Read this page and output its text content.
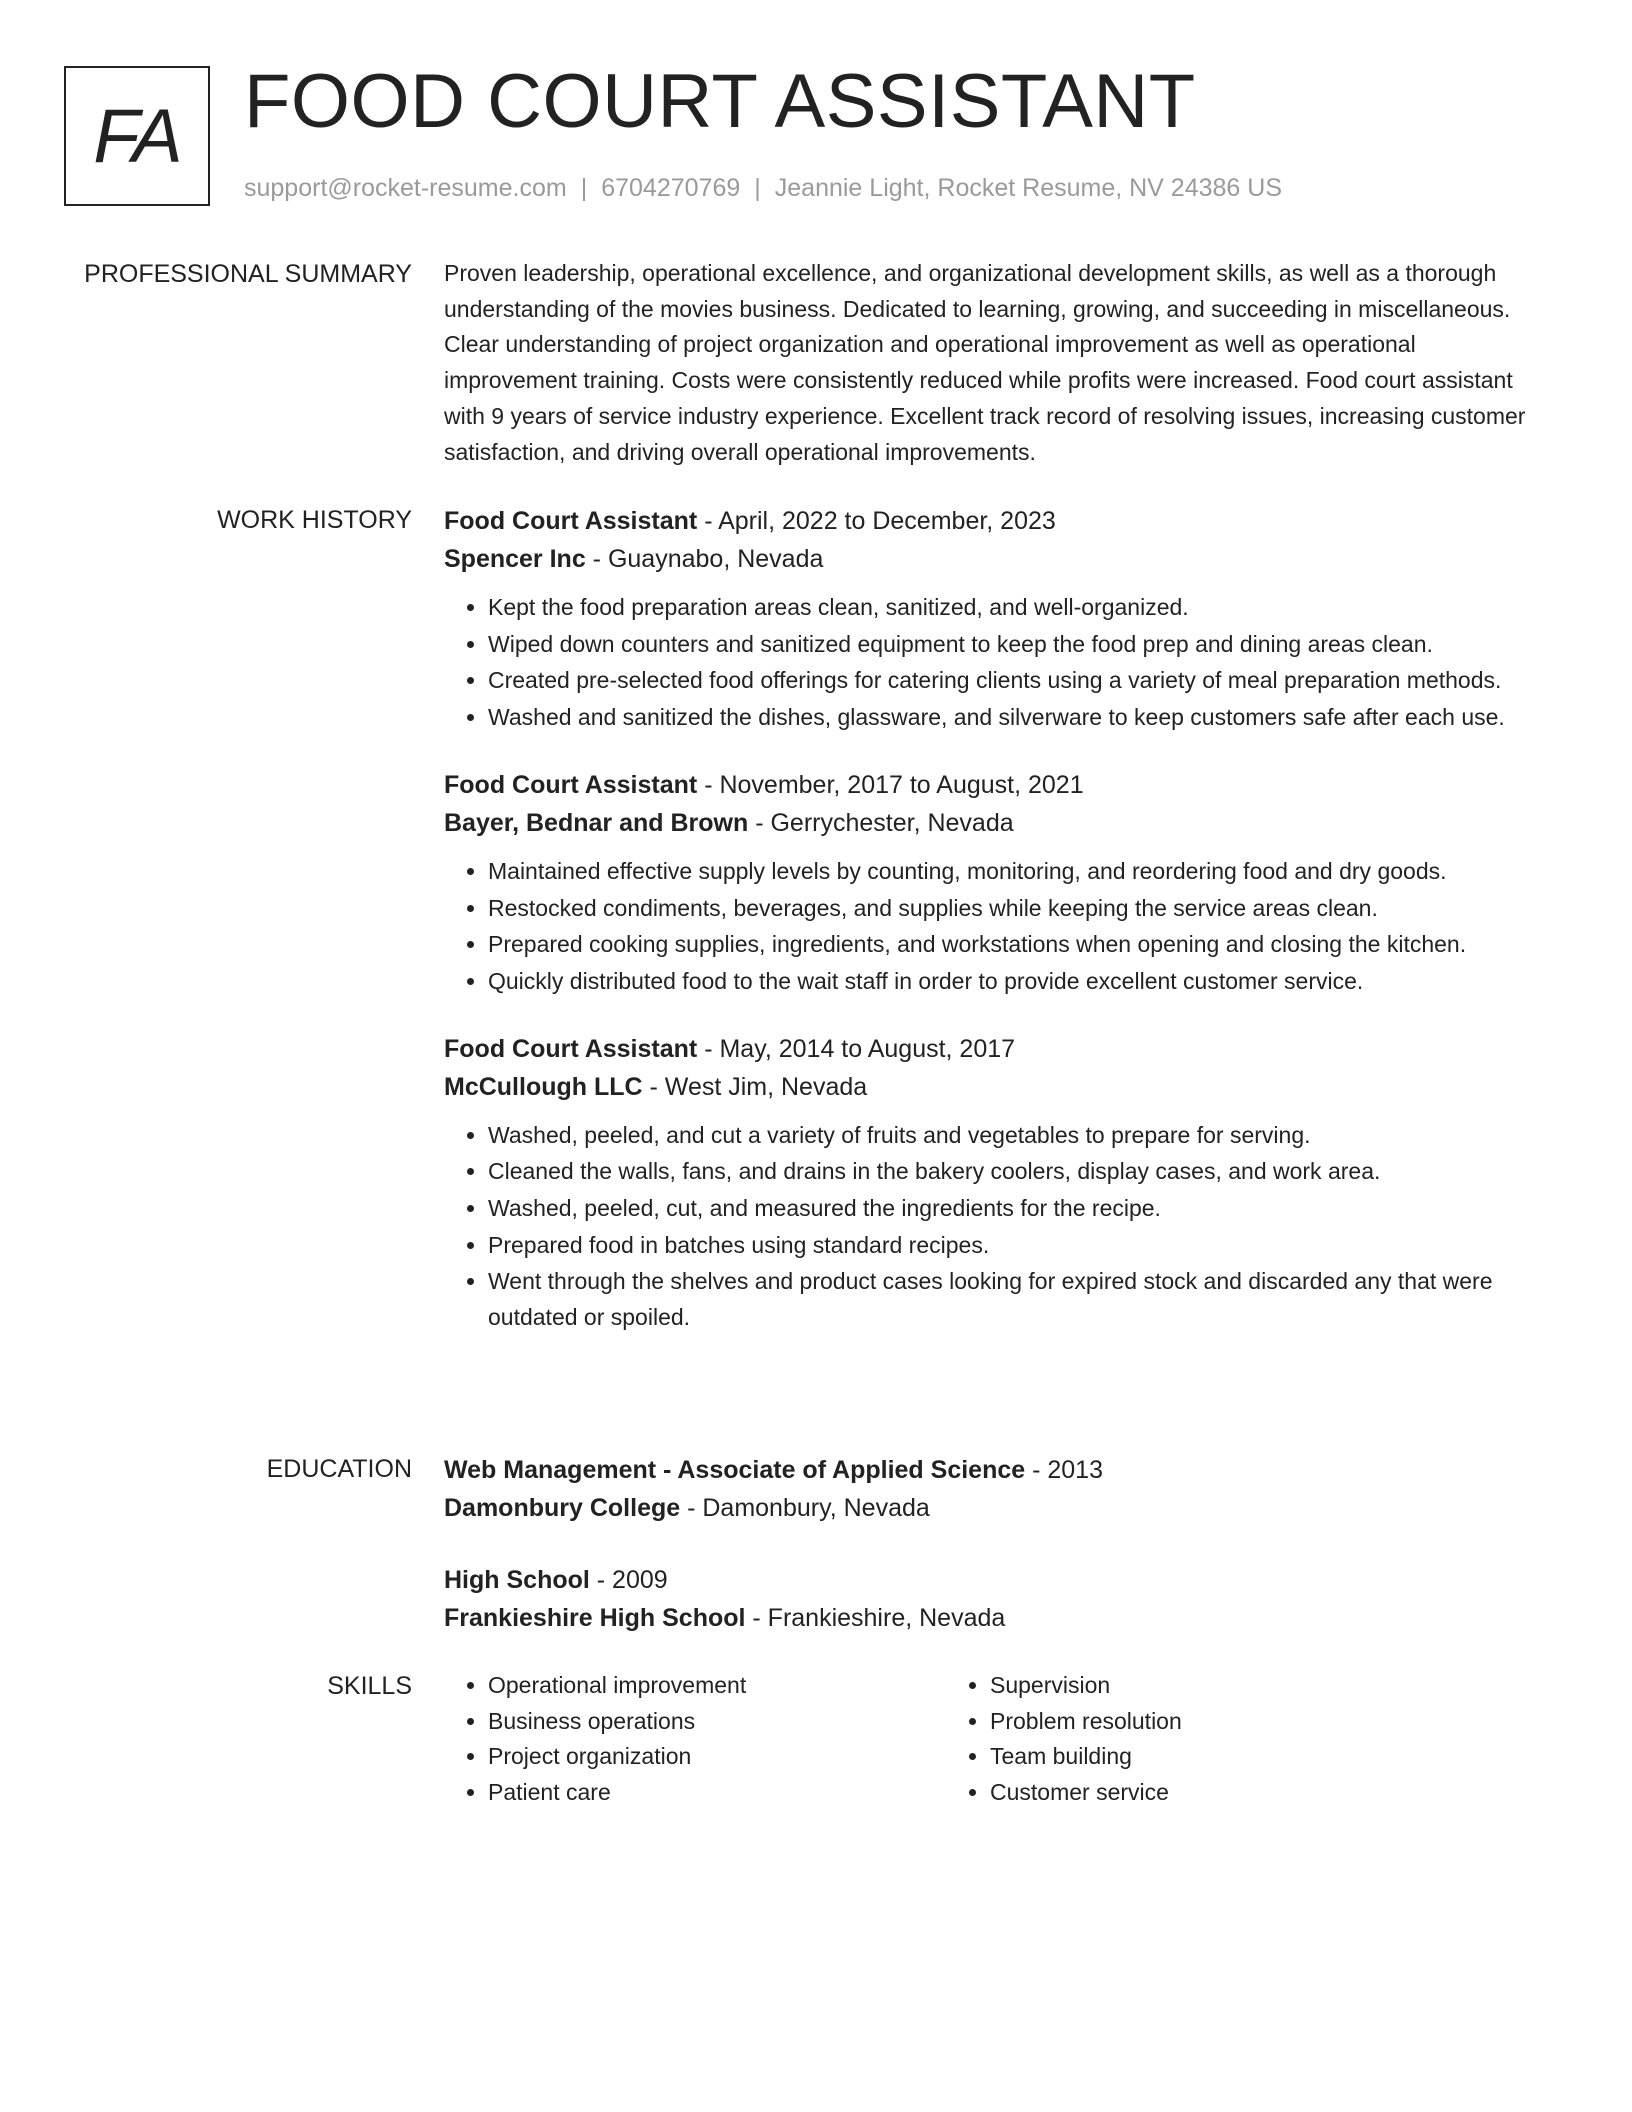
FA FOOD COURT ASSISTANT
support@rocket-resume.com | 6704270769 | Jeannie Light, Rocket Resume, NV 24386 US
PROFESSIONAL SUMMARY Proven leadership, operational excellence, and organizational development skills, as well as a thorough understanding of the movies business. Dedicated to learning, growing, and succeeding in miscellaneous. Clear understanding of project organization and operational improvement as well as operational improvement training. Costs were consistently reduced while profits were increased. Food court assistant with 9 years of service industry experience. Excellent track record of resolving issues, increasing customer satisfaction, and driving overall operational improvements.

WORK HISTORY Food Court Assistant - April, 2022 to December, 2023
Spencer Inc - Guaynabo, Nevada
• Kept the food preparation areas clean, sanitized, and well-organized.
• Wiped down counters and sanitized equipment to keep the food prep and dining areas clean.
• Created pre-selected food offerings for catering clients using a variety of meal preparation methods.
• Washed and sanitized the dishes, glassware, and silverware to keep customers safe after each use.
Food Court Assistant - November, 2017 to August, 2021
Bayer, Bednar and Brown - Gerrychester, Nevada
• Maintained effective supply levels by counting, monitoring, and reordering food and dry goods.
• Restocked condiments, beverages, and supplies while keeping the service areas clean.
• Prepared cooking supplies, ingredients, and workstations when opening and closing the kitchen.
• Quickly distributed food to the wait staff in order to provide excellent customer service.
Food Court Assistant - May, 2014 to August, 2017
McCullough LLC - West Jim, Nevada
• Washed, peeled, and cut a variety of fruits and vegetables to prepare for serving.
• Cleaned the walls, fans, and drains in the bakery coolers, display cases, and work area.
• Washed, peeled, cut, and measured the ingredients for the recipe.
• Prepared food in batches using standard recipes.
• Went through the shelves and product cases looking for expired stock and discarded any that were outdated or spoiled.
EDUCATION Web Management - Associate of Applied Science - 2013
Damonbury College - Damonbury, Nevada
High School - 2009
Frankieshire High School - Frankieshire, Nevada
SKILLS
•	Operational improvement
• Business operations
• Project organization
• Patient care
• Supervision
• Problem resolution
• Team building
• Customer service
